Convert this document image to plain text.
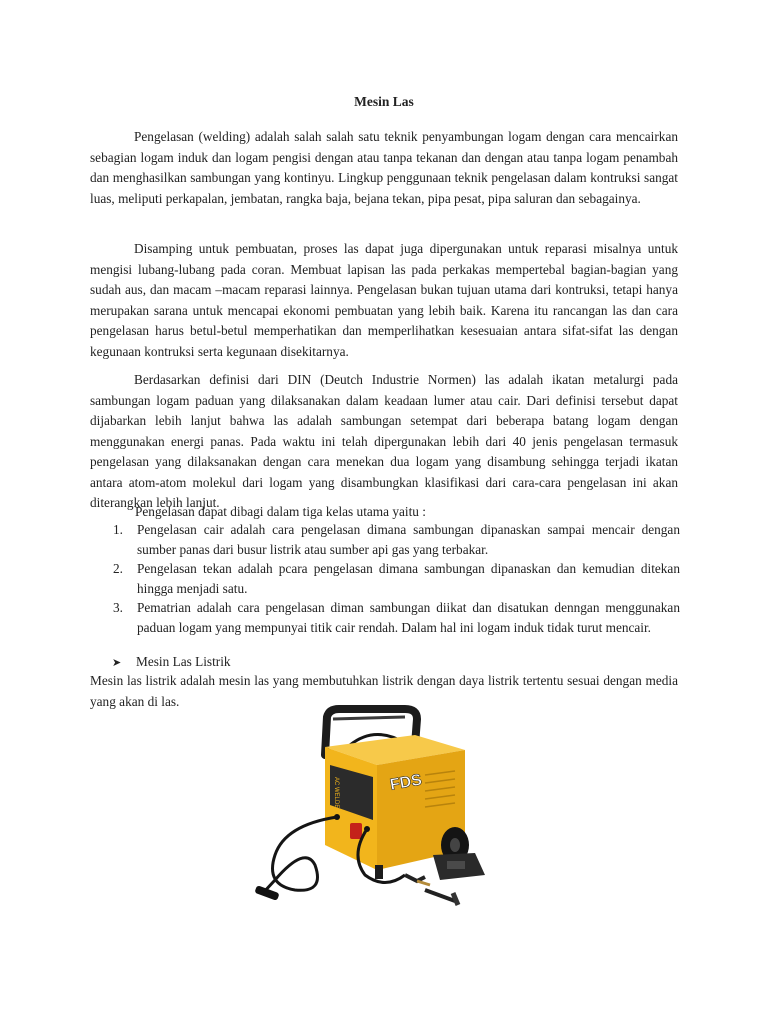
Mesin Las

Pengelasan (welding) adalah salah salah satu teknik penyambungan logam dengan cara mencairkan sebagian logam induk dan logam pengisi dengan atau tanpa tekanan dan dengan atau tanpa logam penambah dan menghasilkan sambungan yang kontinyu. Lingkup penggunaan teknik pengelasan dalam kontruksi sangat luas, meliputi perkapalan, jembatan, rangka baja, bejana tekan, pipa pesat, pipa saluran dan sebagainya.

Disamping untuk pembuatan, proses las dapat juga dipergunakan untuk reparasi misalnya untuk mengisi lubang-lubang pada coran. Membuat lapisan las pada perkakas mempertebal bagian-bagian yang sudah aus, dan macam –macam reparasi lainnya. Pengelasan bukan tujuan utama dari kontruksi, tetapi hanya merupakan sarana untuk mencapai ekonomi pembuatan yang lebih baik. Karena itu rancangan las dan cara pengelasan harus betul-betul memperhatikan dan memperlihatkan kesesuaian antara sifat-sifat las dengan kegunaan kontruksi serta kegunaan disekitarnya.

Berdasarkan definisi dari DIN (Deutch Industrie Normen) las adalah ikatan metalurgi pada sambungan logam paduan yang dilaksanakan dalam keadaan lumer atau cair. Dari definisi tersebut dapat dijabarkan lebih lanjut bahwa las adalah sambungan setempat dari beberapa batang logam dengan menggunakan energi panas. Pada waktu ini telah dipergunakan lebih dari 40 jenis pengelasan termasuk pengelasan yang dilaksanakan dengan cara menekan dua logam yang disambung sehingga terjadi ikatan antara atom-atom molekul dari logam yang disambungkan klasifikasi dari cara-cara pengelasan ini akan diterangkan lebih lanjut.

Pengelasan dapat dibagi dalam tiga kelas utama yaitu :

1. Pengelasan cair adalah cara pengelasan dimana sambungan dipanaskan sampai mencair dengan sumber panas dari busur listrik atau sumber api gas yang terbakar.
2. Pengelasan tekan adalah pcara pengelasan dimana sambungan dipanaskan dan kemudian ditekan hingga menjadi satu.
3. Pematrian adalah cara pengelasan diman sambungan diikat dan disatukan denngan menggunakan paduan logam yang mempunyai titik cair rendah. Dalam hal ini logam induk tidak turut mencair.
➤ Mesin Las Listrik

Mesin las listrik adalah mesin las yang membutuhkan listrik dengan daya listrik tertentu sesuai dengan media yang akan di las.

FDS
AC WELDER
